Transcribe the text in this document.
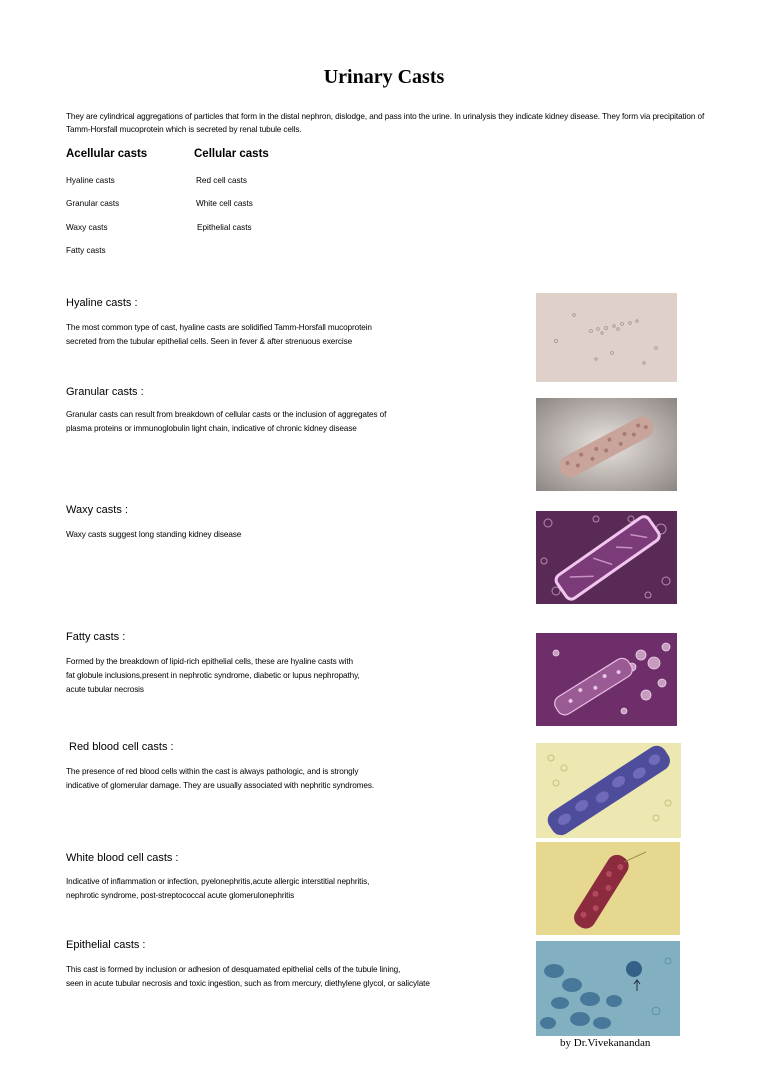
Urinary Casts
They are cylindrical aggregations of particles that form in the distal nephron, dislodge, and pass into the urine. In urinalysis they indicate kidney disease. They form via precipitation of Tamm-Horsfall mucoprotein which is secreted by renal tubule cells.
Acellular casts	Cellular casts
Hyaline casts
Granular casts
Waxy casts
Fatty casts
Red cell casts
White cell casts
Epithelial casts
Hyaline casts :
The most common type of cast, hyaline casts are solidified Tamm-Horsfall mucoprotein
secreted from the tubular epithelial cells. Seen in fever & after strenuous exercise
Granular casts :
Granular casts can result from breakdown of cellular casts or the inclusion of aggregates of
plasma proteins or immunoglobulin light chain, indicative of chronic kidney disease
Waxy casts :
Waxy casts suggest long standing kidney disease
Fatty casts :
Formed by the breakdown of lipid-rich epithelial cells, these are hyaline casts with
fat globule inclusions,present in nephrotic syndrome, diabetic or lupus nephropathy,
acute tubular necrosis
Red blood cell casts :
The presence of red blood cells within the cast is always pathologic, and is strongly
indicative of glomerular damage. They are usually associated with nephritic syndromes.
White blood cell casts :
Indicative of inflammation or infection, pyelonephritis,acute allergic interstitial nephritis,
nephrotic syndrome, post-streptococcal acute glomerulonephritis
Epithelial casts :
This cast is formed by inclusion or adhesion of desquamated epithelial cells of the tubule lining,
seen in acute tubular necrosis and toxic ingestion, such as from mercury, diethylene glycol, or salicylate
by Dr.Vivekanandan
